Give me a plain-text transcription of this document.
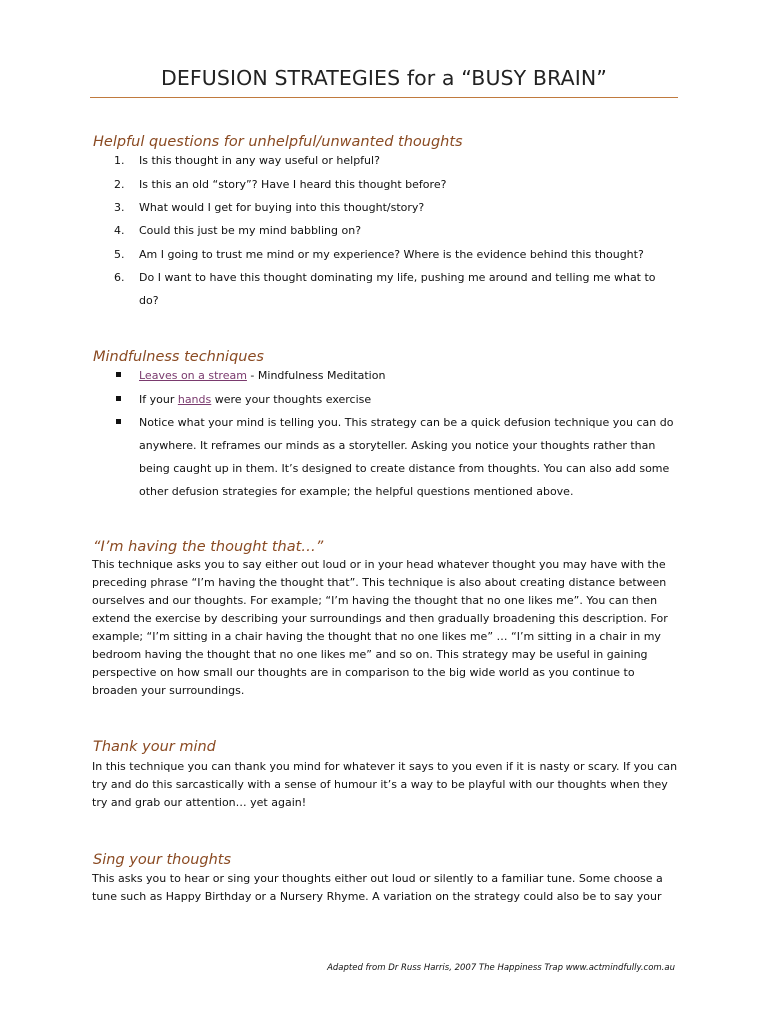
DEFUSION STRATEGIES for a “BUSY BRAIN”
Helpful questions for unhelpful/unwanted thoughts
1.	Is this thought in any way useful or helpful?
2.	Is this an old “story”? Have I heard this thought before?
3.	What would I get for buying into this thought/story?
4.	Could this just be my mind babbling on?
5.	Am I going to trust me mind or my experience? Where is the evidence behind this thought?
6.	Do I want to have this thought dominating my life, pushing me around and telling me what to do?
Mindfulness techniques
Leaves on a stream - Mindfulness Meditation
If your hands were your thoughts exercise
Notice what your mind is telling you. This strategy can be a quick defusion technique you can do anywhere. It reframes our minds as a storyteller. Asking you notice your thoughts rather than being caught up in them. It’s designed to create distance from thoughts. You can also add some other defusion strategies for example; the helpful questions mentioned above.
“I’m having the thought that…”
This technique asks you to say either out loud or in your head whatever thought you may have with the preceding phrase “I’m having the thought that”. This technique is also about creating distance between ourselves and our thoughts. For example; “I’m having the thought that no one likes me”. You can then extend the exercise by describing your surroundings and then gradually broadening this description. For example; “I’m sitting in a chair having the thought that no one likes me” … “I’m sitting in a chair in my bedroom having the thought that no one likes me” and so on. This strategy may be useful in gaining perspective on how small our thoughts are in comparison to the big wide world as you continue to broaden your surroundings.
Thank your mind
In this technique you can thank you mind for whatever it says to you even if it is nasty or scary. If you can try and do this sarcastically with a sense of humour it’s a way to be playful with our thoughts when they try and grab our attention… yet again!
Sing your thoughts
This asks you to hear or sing your thoughts either out loud or silently to a familiar tune. Some choose a tune such as Happy Birthday or a Nursery Rhyme. A variation on the strategy could also be to say your
Adapted from Dr Russ Harris, 2007 The Happiness Trap www.actmindfully.com.au
